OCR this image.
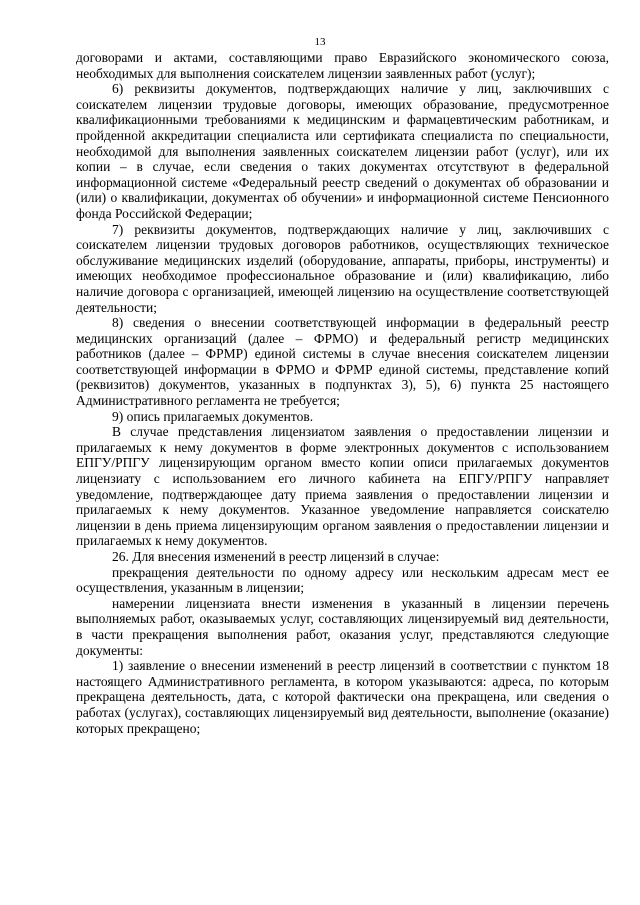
13

договорами и актами, составляющими право Евразийского экономического союза, необходимых для выполнения соискателем лицензии заявленных работ (услуг);

6) реквизиты документов, подтверждающих наличие у лиц, заключивших с соискателем лицензии трудовые договоры, имеющих образование, предусмотренное квалификационными требованиями к медицинским и фармацевтическим работникам, и пройденной аккредитации специалиста или сертификата специалиста по специальности, необходимой для выполнения заявленных соискателем лицензии работ (услуг), или их копии – в случае, если сведения о таких документах отсутствуют в федеральной информационной системе «Федеральный реестр сведений о документах об образовании и (или) о квалификации, документах об обучении» и информационной системе Пенсионного фонда Российской Федерации;

7) реквизиты документов, подтверждающих наличие у лиц, заключивших с соискателем лицензии трудовых договоров работников, осуществляющих техническое обслуживание медицинских изделий (оборудование, аппараты, приборы, инструменты) и имеющих необходимое профессиональное образование и (или) квалификацию, либо наличие договора с организацией, имеющей лицензию на осуществление соответствующей деятельности;

8) сведения о внесении соответствующей информации в федеральный реестр медицинских организаций (далее – ФРМО) и федеральный регистр медицинских работников (далее – ФРМР) единой системы в случае внесения соискателем лицензии соответствующей информации в ФРМО и ФРМР единой системы, представление копий (реквизитов) документов, указанных в подпунктах 3), 5), 6) пункта 25 настоящего Административного регламента не требуется;

9) опись прилагаемых документов.

В случае представления лицензиатом заявления о предоставлении лицензии и прилагаемых к нему документов в форме электронных документов с использованием ЕПГУ/РПГУ лицензирующим органом вместо копии описи прилагаемых документов лицензиату с использованием его личного кабинета на ЕПГУ/РПГУ направляет уведомление, подтверждающее дату приема заявления о предоставлении лицензии и прилагаемых к нему документов. Указанное уведомление направляется соискателю лицензии в день приема лицензирующим органом заявления о предоставлении лицензии и прилагаемых к нему документов.

26. Для внесения изменений в реестр лицензий в случае:

прекращения деятельности по одному адресу или нескольким адресам мест ее осуществления, указанным в лицензии;

намерении лицензиата внести изменения в указанный в лицензии перечень выполняемых работ, оказываемых услуг, составляющих лицензируемый вид деятельности, в части прекращения выполнения работ, оказания услуг, представляются следующие документы:

1) заявление о внесении изменений в реестр лицензий в соответствии с пунктом 18 настоящего Административного регламента, в котором указываются: адреса, по которым прекращена деятельность, дата, с которой фактически она прекращена, или сведения о работах (услугах), составляющих лицензируемый вид деятельности, выполнение (оказание) которых прекращено;
